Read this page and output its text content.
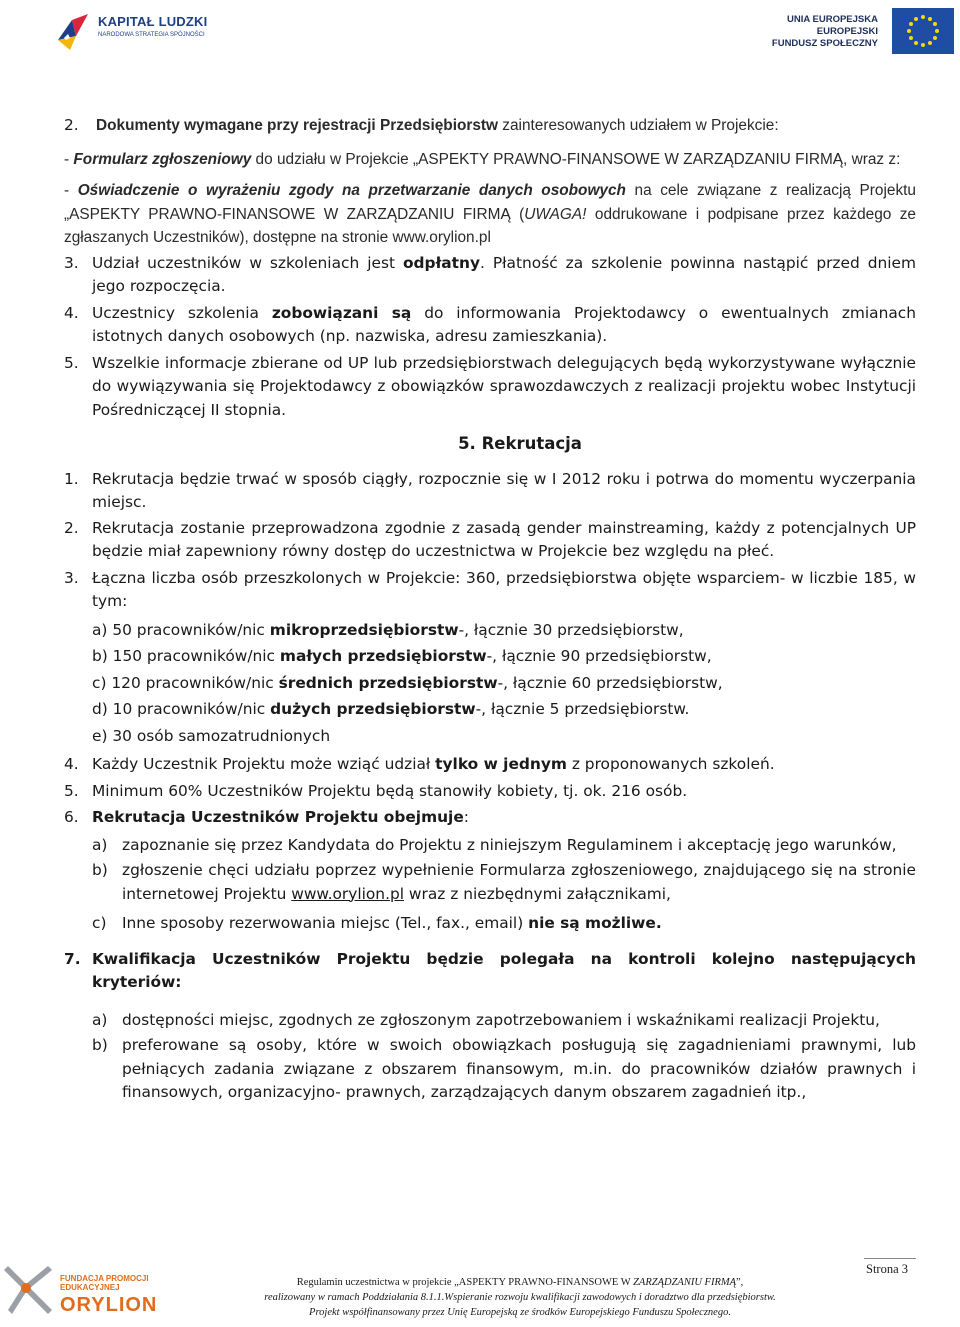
KAPITAŁ LUDZKI
NARODOWA STRATEGIA SPÓJNOŚCI
UNIA EUROPEJSKA
EUROPEJSKI
FUNDUSZ SPOŁECZNY
2.	Dokumenty wymagane przy rejestracji Przedsiębiorstw zainteresowanych udziałem w Projekcie:

- Formularz zgłoszeniowy do udziału w Projekcie „ASPEKTY PRAWNO-FINANSOWE W ZARZĄDZANIU FIRMĄ, wraz z:

- Oświadczenie o wyrażeniu zgody na przetwarzanie danych osobowych na cele związane z realizacją Projektu „ASPEKTY PRAWNO-FINANSOWE W ZARZĄDZANIU FIRMĄ (UWAGA! oddrukowane i podpisane przez każdego ze zgłaszanych Uczestników), dostępne na stronie www.orylion.pl

3. Udział uczestników w szkoleniach jest odpłatny. Płatność za szkolenie powinna nastąpić przed dniem jego rozpoczęcia.
4. Uczestnicy szkolenia zobowiązani są do informowania Projektodawcy o ewentualnych zmianach istotnych danych osobowych (np. nazwiska, adresu zamieszkania).
5. Wszelkie informacje zbierane od UP lub przedsiębiorstwach delegujących będą wykorzystywane wyłącznie do wywiązywania się Projektodawcy z obowiązków sprawozdawczych z realizacji projektu wobec Instytucji Pośredniczącej II stopnia.
5. Rekrutacja
1. Rekrutacja będzie trwać w sposób ciągły, rozpocznie się w I 2012 roku i potrwa do momentu wyczerpania miejsc.
2. Rekrutacja zostanie przeprowadzona zgodnie z zasadą gender mainstreaming, każdy z potencjalnych UP będzie miał zapewniony równy dostęp do uczestnictwa w Projekcie bez względu na płeć.
3. Łączna liczba osób przeszkolonych w Projekcie: 360, przedsiębiorstwa objęte wsparciem- w liczbie 185, w tym:
a) 50 pracowników/nic mikroprzedsiębiorstw-, łącznie 30 przedsiębiorstw,
b) 150 pracowników/nic małych przedsiębiorstw-, łącznie 90 przedsiębiorstw,
c) 120 pracowników/nic średnich przedsiębiorstw-, łącznie 60 przedsiębiorstw,
d) 10 pracowników/nic dużych przedsiębiorstw-, łącznie 5 przedsiębiorstw.
e) 30 osób samozatrudnionych
4. Każdy Uczestnik Projektu może wziąć udział tylko w jednym z proponowanych szkoleń.
5. Minimum 60% Uczestników Projektu będą stanowiły kobiety, tj. ok. 216 osób.
6. Rekrutacja Uczestników Projektu obejmuje:
a) zapoznanie się przez Kandydata do Projektu z niniejszym Regulaminem i akceptację jego warunków,
b) zgłoszenie chęci udziału poprzez wypełnienie Formularza zgłoszeniowego, znajdującego się na stronie internetowej Projektu www.orylion.pl wraz z niezbędnymi załącznikami,
c)	Inne sposoby rezerwowania miejsc (Tel., fax., email) nie są możliwe.
7. Kwalifikacja Uczestników Projektu będzie polegała na kontroli kolejno następujących kryteriów:
a) dostępności miejsc, zgodnych ze zgłoszonym zapotrzebowaniem i wskaźnikami realizacji Projektu,
b) preferowane są osoby, które w swoich obowiązkach posługują się zagadnieniami prawnymi, lub pełniących zadania związane z obszarem finansowym, m.in. do pracowników działów prawnych i finansowych, organizacyjno- prawnych, zarządzających danym obszarem zagadnień itp.,
FUNDACJA PROMOCJI
EDUKACYJNEJ
ORYLION
Strona 3
Regulamin uczestnictwa w projekcie „ASPEKTY PRAWNO-FINANSOWE W ZARZĄDZANIU FIRMĄ”,
realizowany w ramach Poddziałania 8.1.1.Wspieranie rozwoju kwalifikacji zawodowych i doradztwo dla przedsiębiorstw.
Projekt współfinansowany przez Unię Europejską ze środków Europejskiego Funduszu Społecznego.
